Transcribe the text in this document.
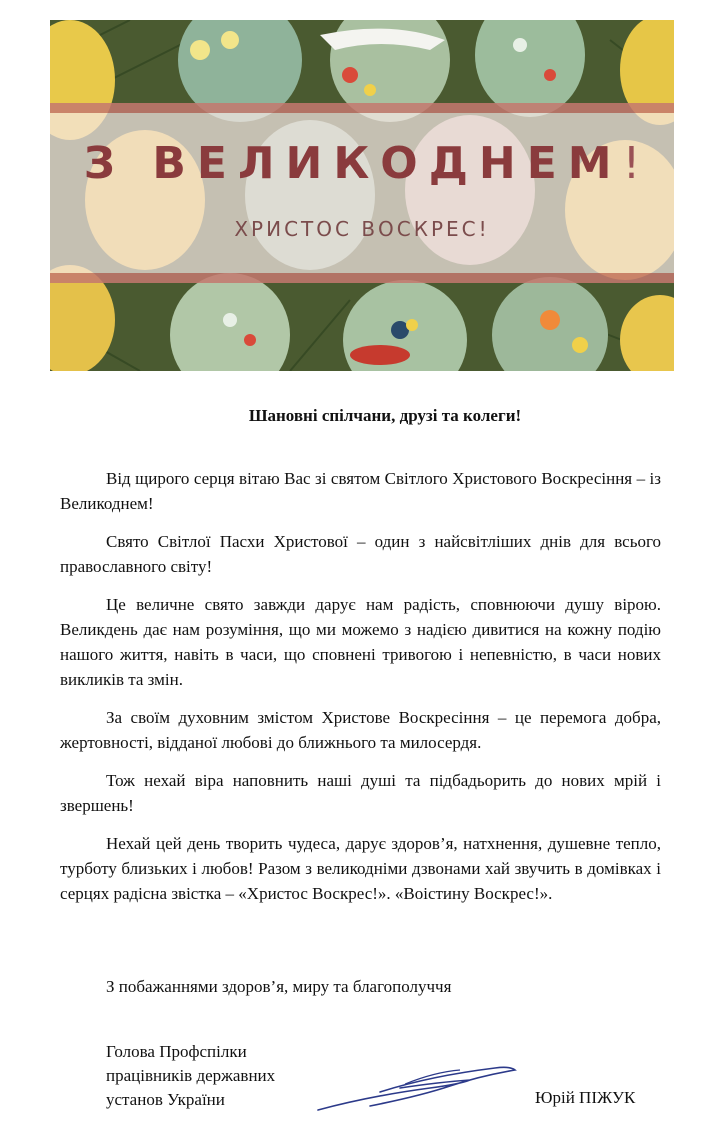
З ВЕЛИКОДНЕМ!
ХРИСТОС ВОСКРЕС!
Шановні спілчани, друзі та колеги!

Від щирого серця вітаю Вас зі святом Світлого Христового Воскресіння – із Великоднем!

Свято Світлої Пасхи Христової – один з найсвітліших днів для всього православного світу!

Це величне свято завжди дарує нам радість, сповнюючи душу вірою. Великдень дає нам розуміння, що ми можемо з надією дивитися на кожну подію нашого життя, навіть в часи, що сповнені тривогою і непевністю, в часи нових викликів та змін.

За своїм духовним змістом Христове Воскресіння – це перемога добра, жертовності, відданої любові до ближнього та милосердя.

Тож нехай віра наповнить наші душі та підбадьорить до нових мрій і звершень!

Нехай цей день творить чудеса, дарує здоров’я, натхнення, душевне тепло, турботу близьких і любов! Разом з великодніми дзвонами хай звучить в домівках і серцях радісна звістка – «Христос Воскрес!». «Воістину Воскрес!».

З побажаннями здоров’я, миру та благополуччя
Голова Профспілки
працівників державних
установ України	Юрій ПІЖУК
